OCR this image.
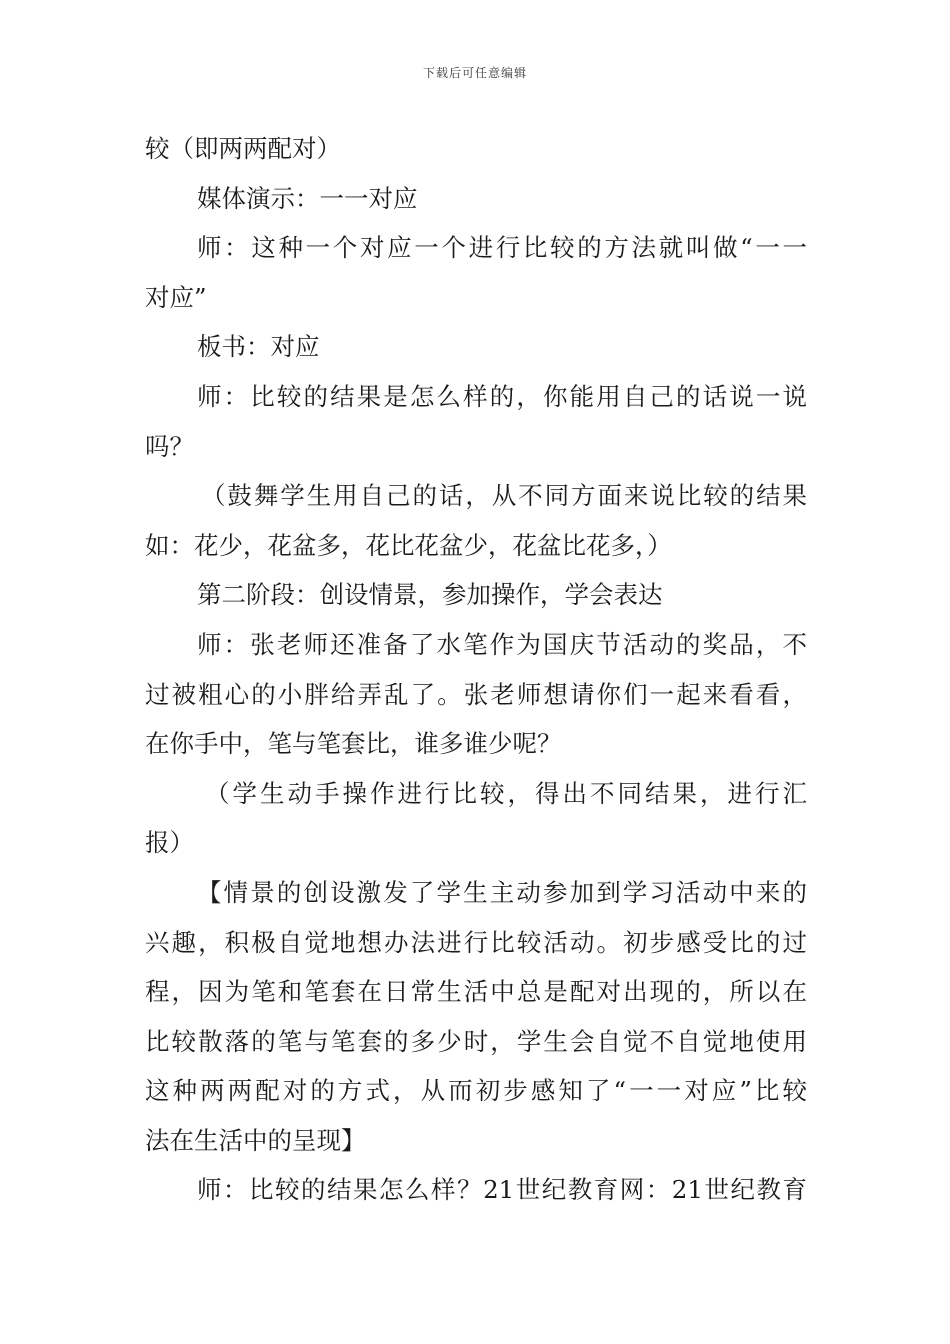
下载后可任意编辑
较（即两两配对）
媒体演示：一一对应
师：这种一个对应一个进行比较的方法就叫做“一一
对应”
板书：对应
师：比较的结果是怎么样的，你能用自己的话说一说
吗？
（鼓舞学生用自己的话，从不同方面来说比较的结果
如：花少，花盆多，花比花盆少，花盆比花多，）
第二阶段：创设情景，参加操作，学会表达
师：张老师还准备了水笔作为国庆节活动的奖品，不
过被粗心的小胖给弄乱了。张老师想请你们一起来看看，
在你手中，笔与笔套比，谁多谁少呢？
（学生动手操作进行比较，得出不同结果，进行汇
报）
【情景的创设激发了学生主动参加到学习活动中来的
兴趣，积极自觉地想办法进行比较活动。初步感受比的过
程，因为笔和笔套在日常生活中总是配对出现的，所以在
比较散落的笔与笔套的多少时，学生会自觉不自觉地使用
这种两两配对的方式，从而初步感知了“一一对应”比较
法在生活中的呈现】
师：比较的结果怎么样？21世纪教育网：21世纪教育
